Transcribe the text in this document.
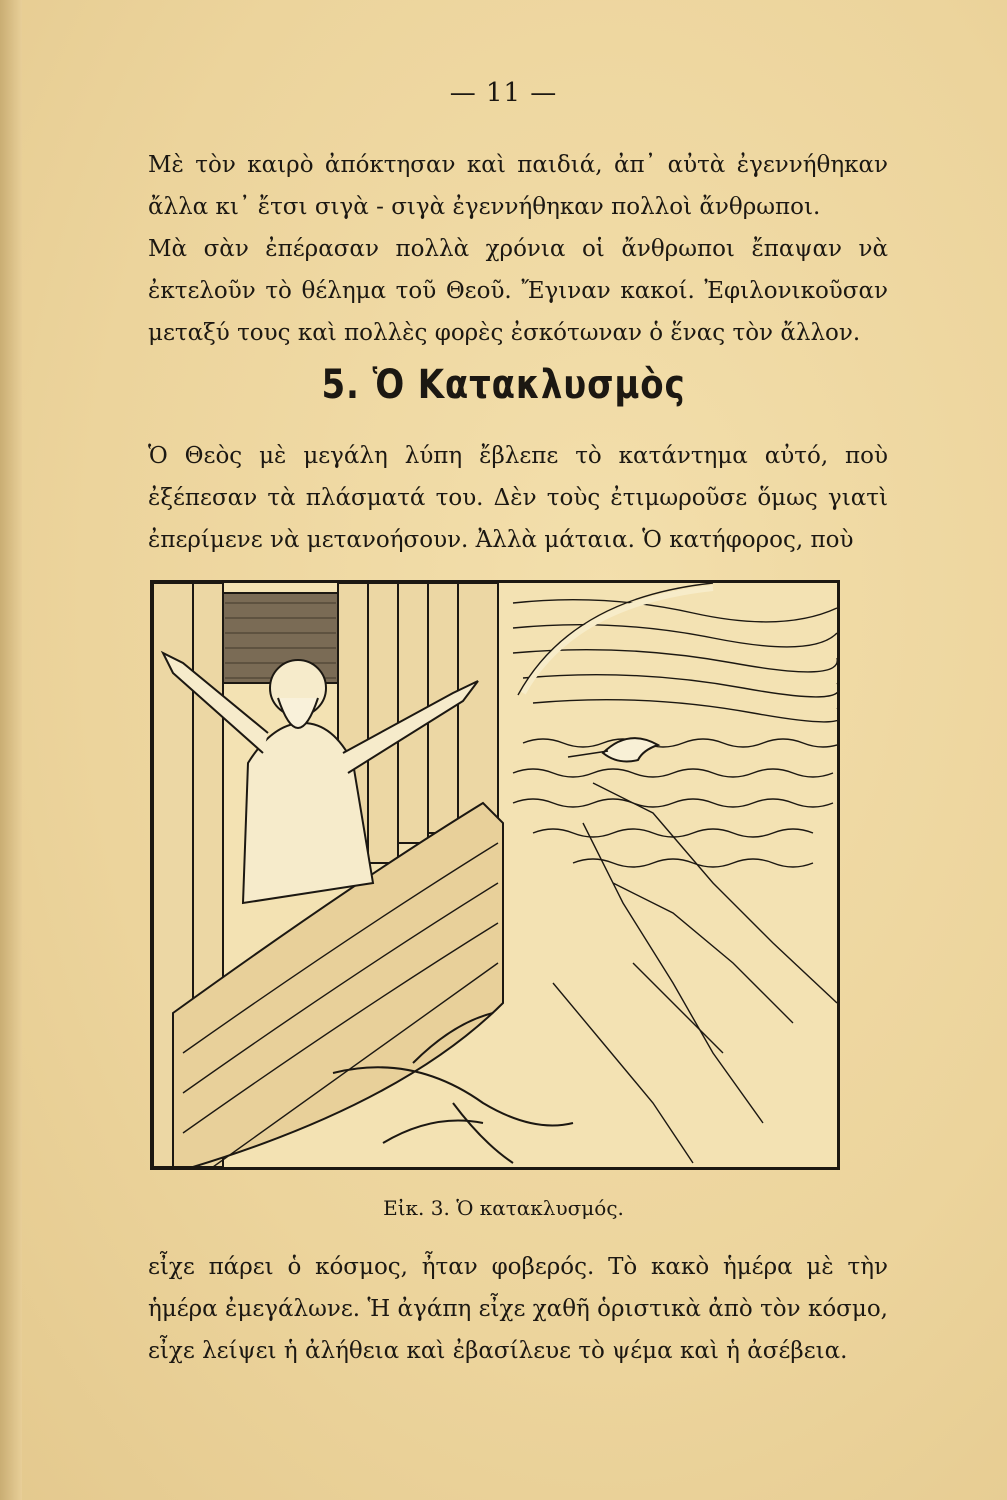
— 11 —

Μὲ τὸν καιρὸ ἀπόκτησαν καὶ παιδιά, ἀπ᾽ αὐτὰ ἐγεννήθηκαν ἄλλα κι᾽ ἔτσι σιγὰ - σιγὰ ἐγεννήθηκαν πολλοὶ ἄνθρωποι.

Μὰ σὰν ἐπέρασαν πολλὰ χρόνια οἱ ἄνθρωποι ἔπαψαν νὰ ἐκτελοῦν τὸ θέλημα τοῦ Θεοῦ. Ἔγιναν κακοί. Ἐφιλονικοῦσαν μεταξύ τους καὶ πολλὲς φορὲς ἐσκότωναν ὁ ἕνας τὸν ἄλλον.

5. Ὁ Κατακλυσμὸς

Ὁ Θεὸς μὲ μεγάλη λύπη ἔβλεπε τὸ κατάντημα αὐτό, ποὺ ἐξέπεσαν τὰ πλάσματά του. Δὲν τοὺς ἐτιμωροῦσε ὅμως γιατὶ ἐπερίμενε νὰ μετανοήσουν. Ἀλλὰ μάταια. Ὁ κατήφορος, ποὺ

Εἰκ. 3. Ὁ κατακλυσμός.

εἶχε πάρει ὁ κόσμος, ἦταν φοβερός. Τὸ κακὸ ἡμέρα μὲ τὴν ἡμέρα ἐμεγάλωνε. Ἡ ἀγάπη εἶχε χαθῆ ὁριστικὰ ἀπὸ τὸν κόσμο, εἶχε λείψει ἡ ἀλήθεια καὶ ἐβασίλευε τὸ ψέμα καὶ ἡ ἀσέβεια.
